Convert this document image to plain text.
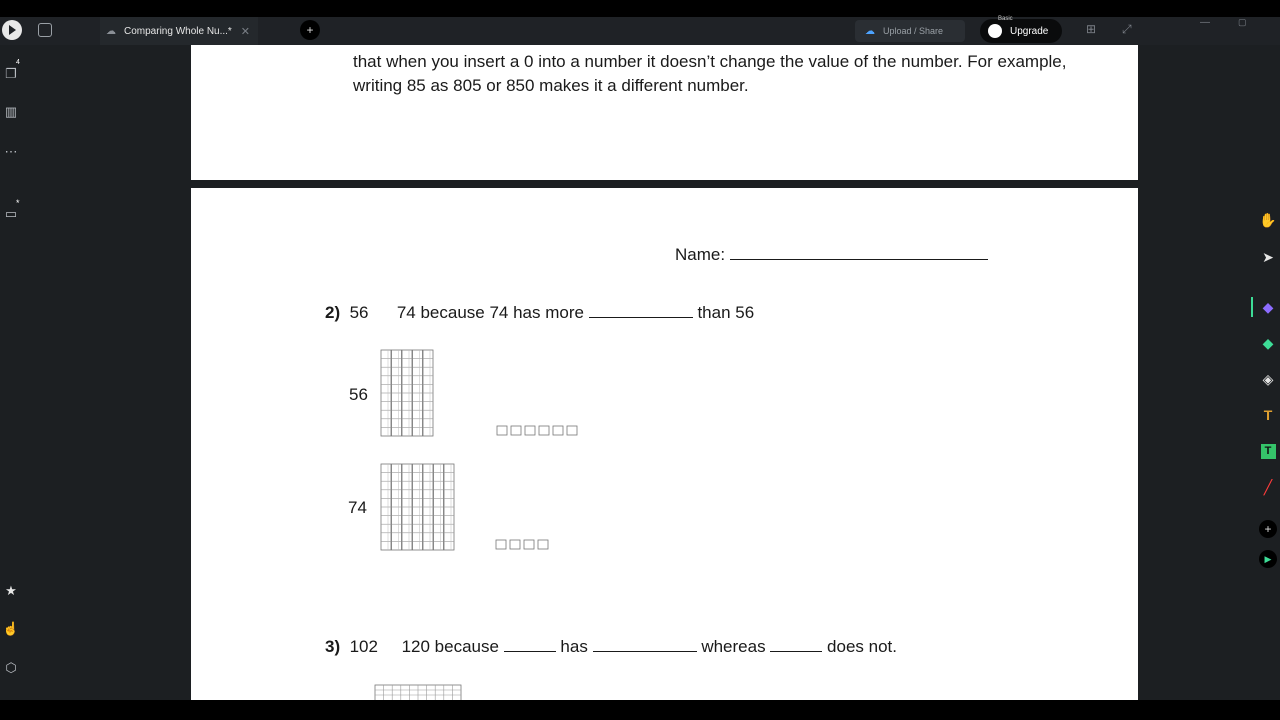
☁ Comparing Whole Nu...* ✕	+	☁ Upload / Share
Basic
Upgrade	⊞ ⤢	—	▢
❐
4
▥
⋯
▭
*
★
☝
⬡
that when you insert a 0 into a number it doesn’t change the value of the number. For example, writing 85 as 805 or 850 makes it a different number.
Name:
2) 56 74 because 74 has more	than 56
56
74
3) 102 120 because	has	whereas	does not.
✋
➤
◆
◆
◈
T
T
╱
+
▶
